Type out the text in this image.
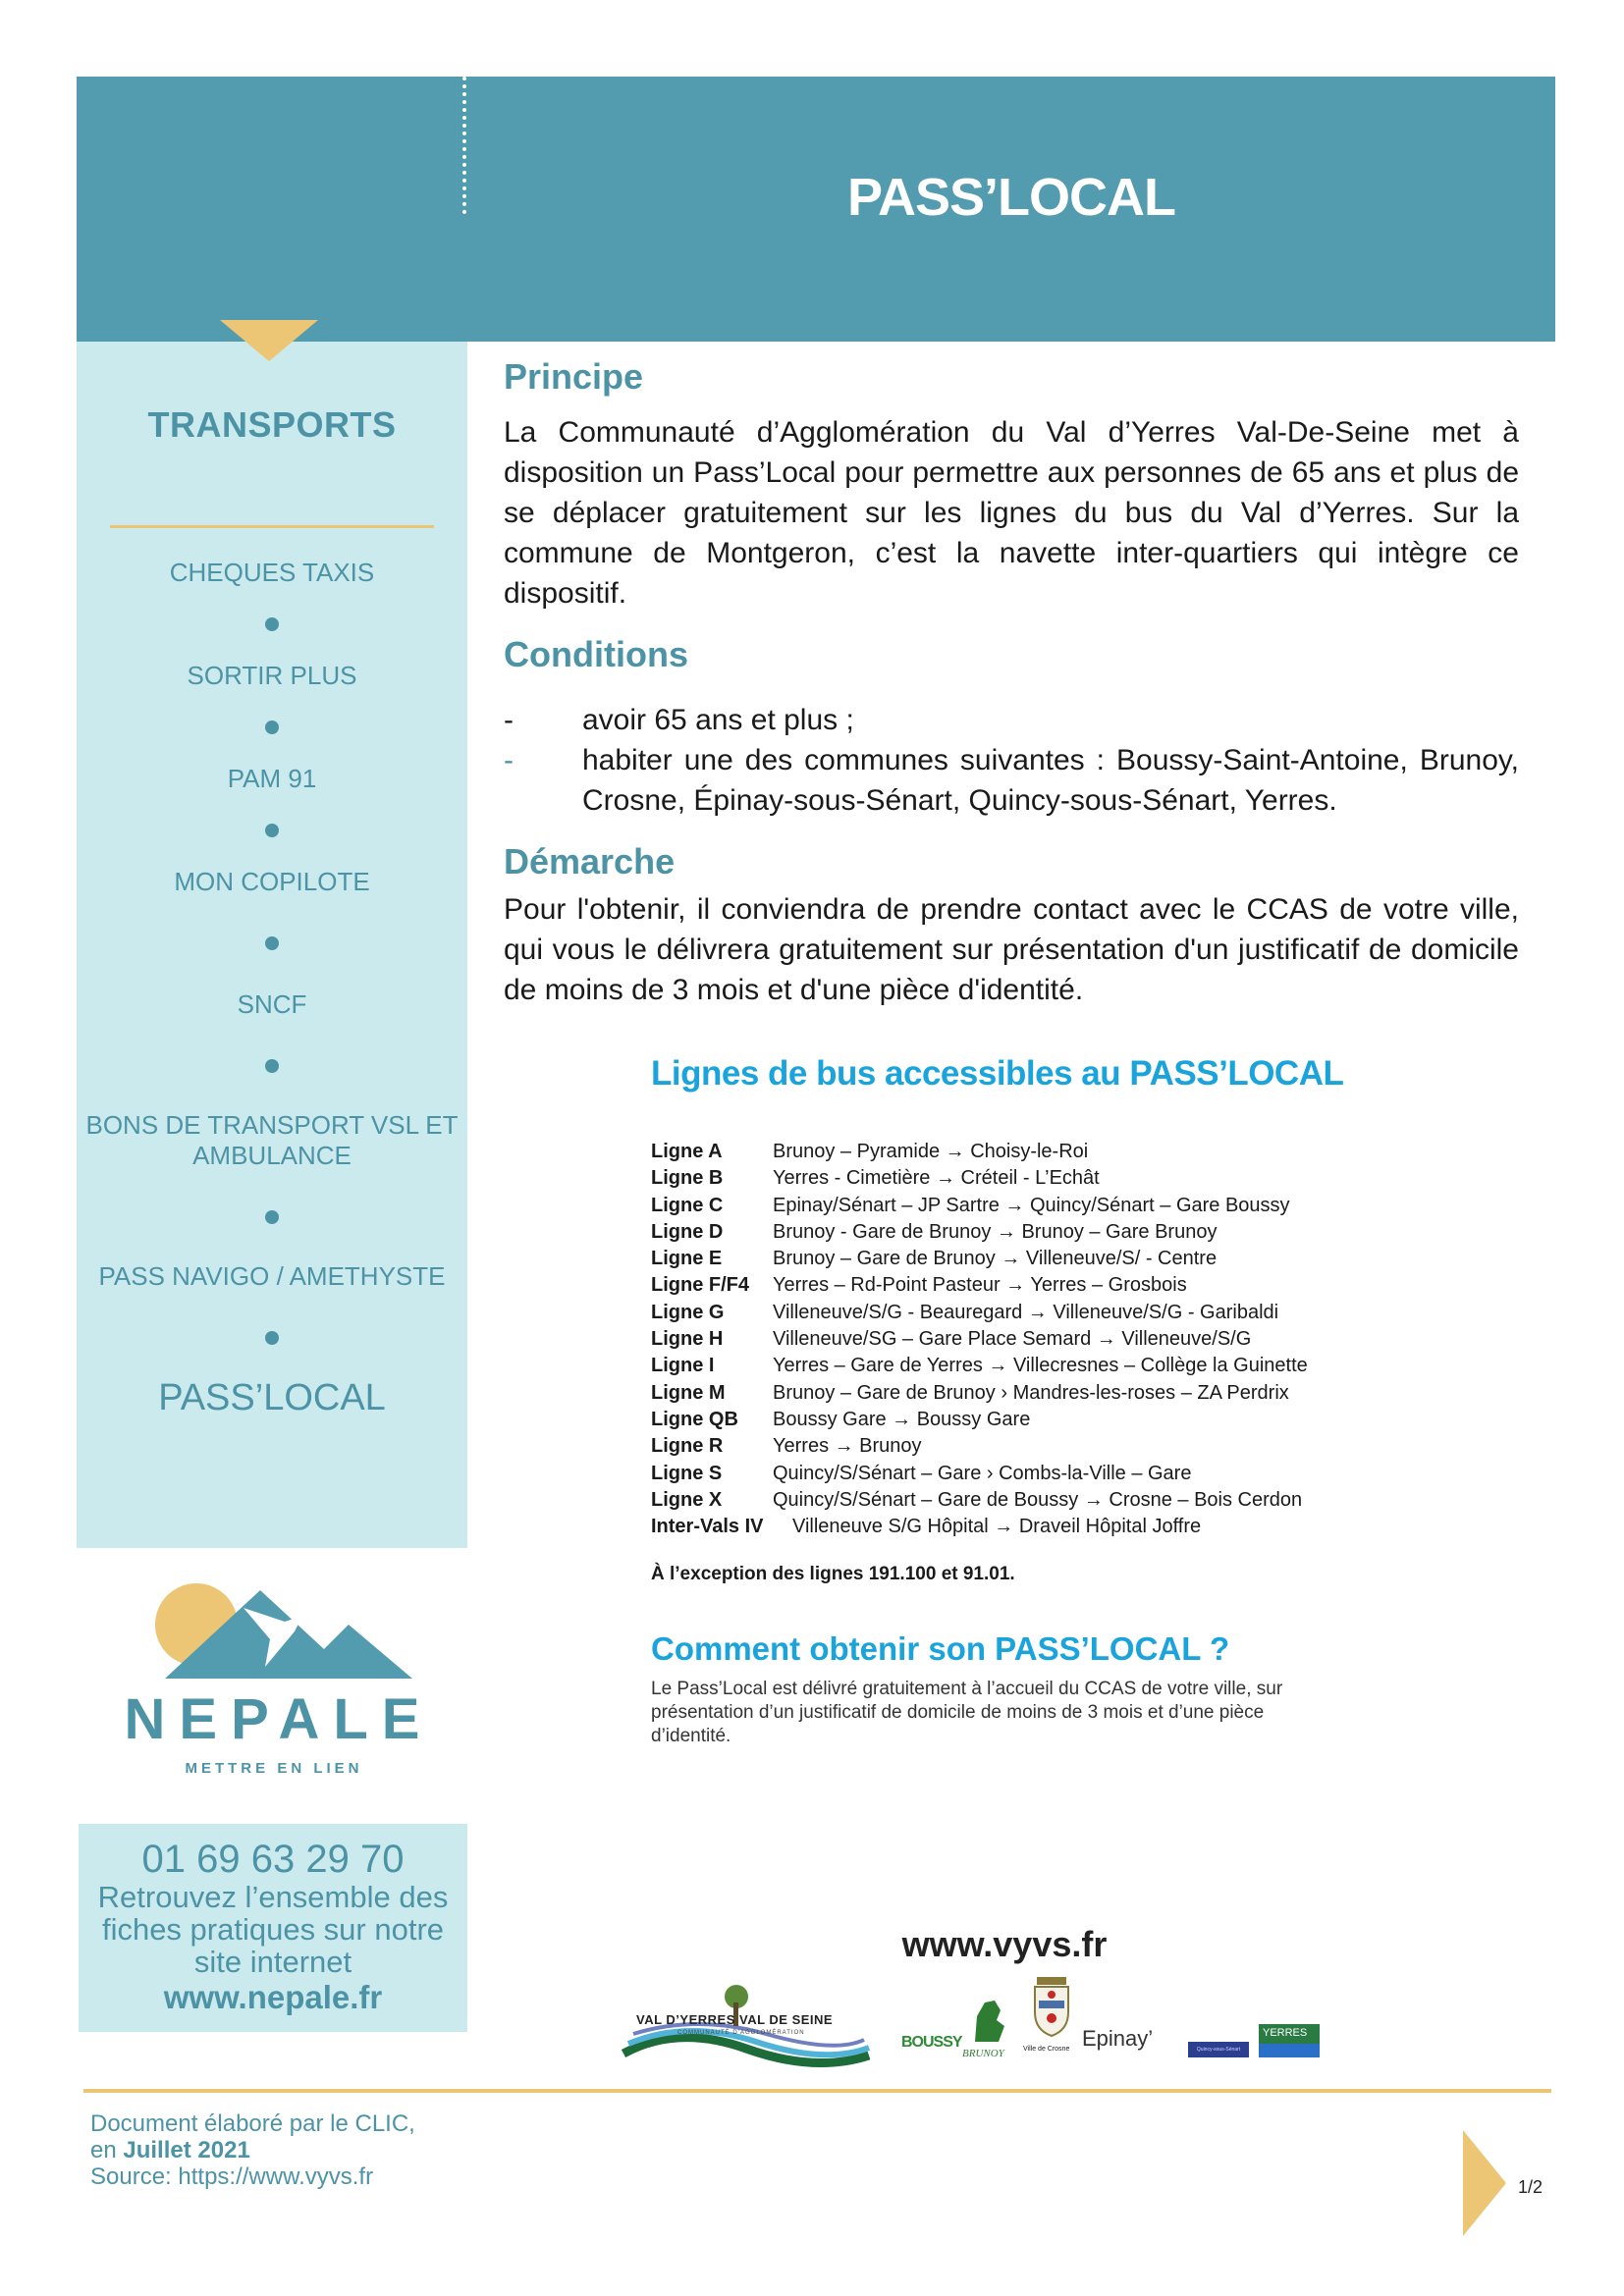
PASS’LOCAL
TRANSPORTS
CHEQUES TAXIS
SORTIR PLUS
PAM 91
MON COPILOTE
SNCF
BONS DE TRANSPORT VSL ET AMBULANCE
PASS NAVIGO / AMETHYSTE
PASS’LOCAL
NEPALE
METTRE EN LIEN
01 69 63 29 70
Retrouvez l’ensemble des fiches pratiques sur notre site internet
www.nepale.fr
Principe

La Communauté d’Agglomération du Val d’Yerres Val-De-Seine met à disposition un Pass’Local pour permettre aux personnes de 65 ans et plus de se déplacer gratuitement sur les lignes du bus du Val d’Yerres. Sur la commune de Montgeron, c’est la navette inter-quartiers qui intègre ce dispositif.

Conditions
- avoir 65 ans et plus ;
- habiter une des communes suivantes : Boussy-Saint-Antoine, Brunoy, Crosne, Épinay-sous-Sénart, Quincy-sous-Sénart, Yerres.
Démarche

Pour l'obtenir, il conviendra de prendre contact avec le CCAS de votre ville, qui vous le délivrera gratuitement sur présentation d'un justificatif de domicile de moins de 3 mois et d'une pièce d'identité.

Lignes de bus accessibles au PASS’LOCAL
Ligne A	Brunoy – Pyramide → Choisy-le-Roi
Ligne B	Yerres - Cimetière → Créteil - L’Echât
Ligne C	Epinay/Sénart – JP Sartre → Quincy/Sénart – Gare Boussy
Ligne D	Brunoy - Gare de Brunoy → Brunoy – Gare Brunoy
Ligne E	Brunoy – Gare de Brunoy → Villeneuve/S/ - Centre
Ligne F/F4	Yerres – Rd-Point Pasteur → Yerres – Grosbois
Ligne G	Villeneuve/S/G - Beauregard → Villeneuve/S/G - Garibaldi
Ligne H	Villeneuve/SG – Gare Place Semard → Villeneuve/S/G
Ligne I	Yerres – Gare de Yerres → Villecresnes – Collège la Guinette
Ligne M	Brunoy – Gare de Brunoy › Mandres-les-roses – ZA Perdrix
Ligne QB	Boussy Gare → Boussy Gare
Ligne R	Yerres → Brunoy
Ligne S	Quincy/S/Sénart – Gare › Combs-la-Ville – Gare
Ligne X	Quincy/S/Sénart – Gare de Boussy → Crosne – Bois Cerdon
Inter-Vals IV	Villeneuve S/G Hôpital → Draveil Hôpital Joffre
À l’exception des lignes 191.100 et 91.01.
Comment obtenir son PASS’LOCAL ?

Le Pass’Local est délivré gratuitement à l’accueil du CCAS de votre ville, sur présentation d’un justificatif de domicile de moins de 3 mois et d’une pièce d’identité.

www.vyvs.fr
VAL D’YERRES VAL DE SEINE
COMMUNAUTÉ D’AGGLOMÉRATION
BOUSSY
BRUNOY	Ville de Crosne Epinay’	Quincy-sous-Sénart
YERRES
Document élaboré par le CLIC,
en Juillet 2021
Source: https://www.vyvs.fr	1/2
